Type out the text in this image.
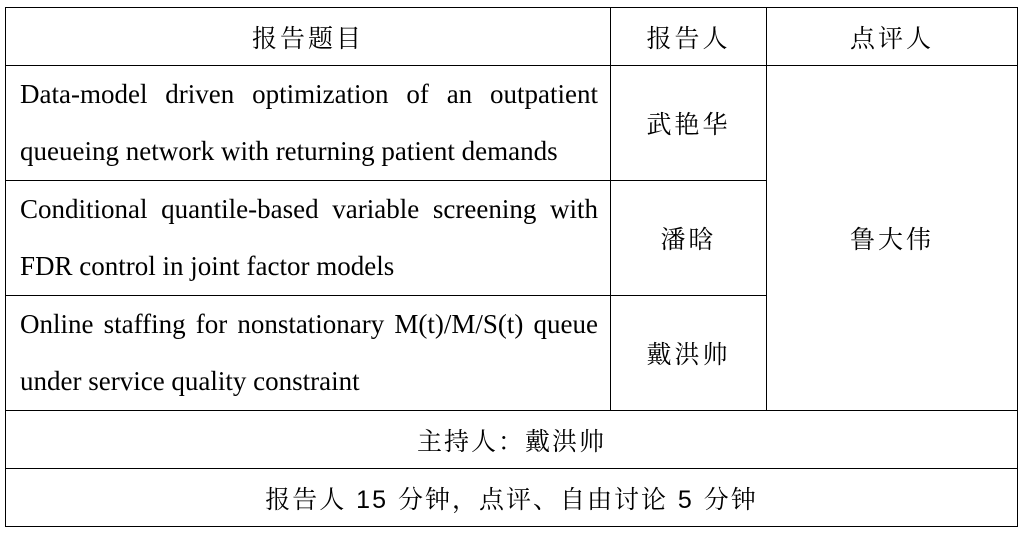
报告题目	报告人	点评人
Data-model driven optimization of an outpatient queueing network with returning patient demands	武艳华	鲁大伟
Conditional quantile-based variable screening with FDR control in joint factor models	潘晗	
Online staffing for nonstationary M(t)/M/S(t) queue under service quality constraint	戴洪帅	
主持人：戴洪帅		
报告人 15 分钟，点评、自由讨论 5 分钟		
